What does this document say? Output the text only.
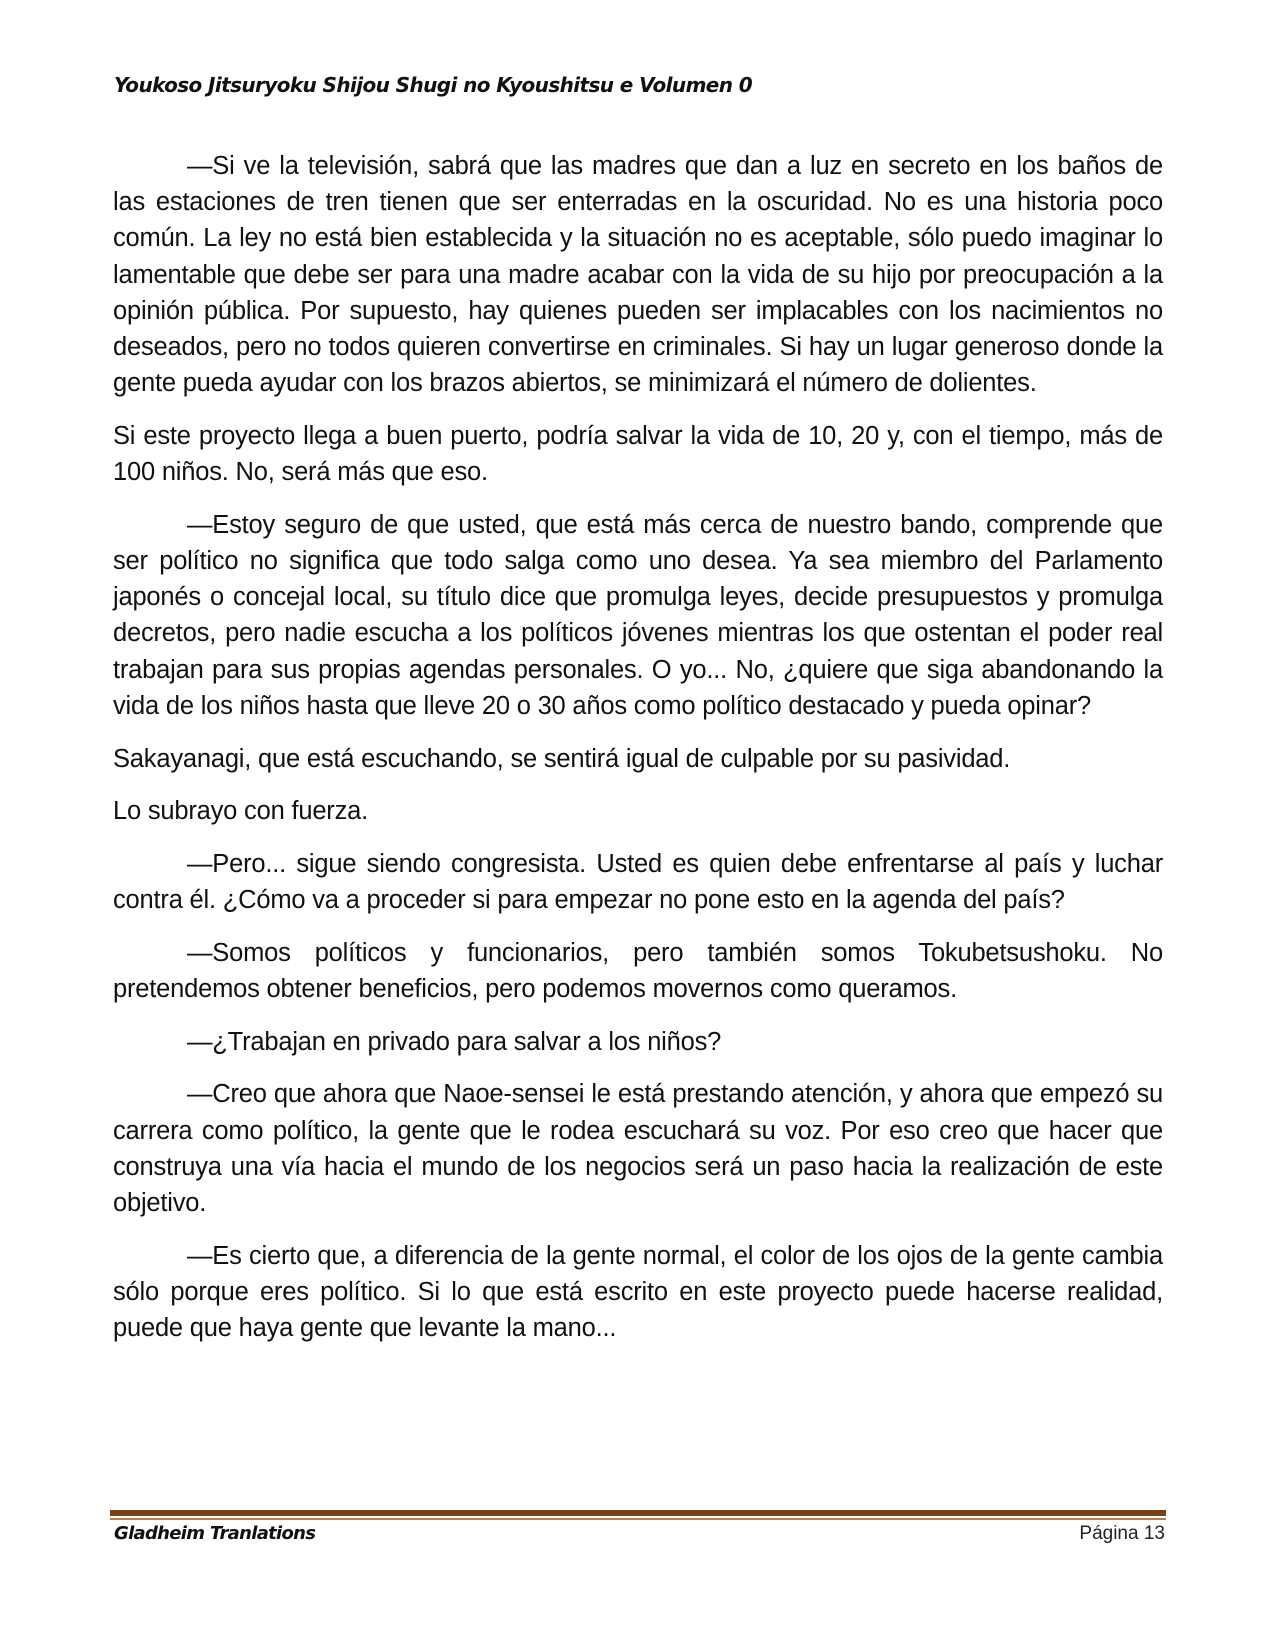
Youkoso Jitsuryoku Shijou Shugi no Kyoushitsu e Volumen 0

—Si ve la televisión, sabrá que las madres que dan a luz en secreto en los baños de las estaciones de tren tienen que ser enterradas en la oscuridad. No es una historia poco común. La ley no está bien establecida y la situación no es aceptable, sólo puedo imaginar lo lamentable que debe ser para una madre acabar con la vida de su hijo por preocupación a la opinión pública. Por supuesto, hay quienes pueden ser implacables con los nacimientos no deseados, pero no todos quieren convertirse en criminales. Si hay un lugar generoso donde la gente pueda ayudar con los brazos abiertos, se minimizará el número de dolientes.

Si este proyecto llega a buen puerto, podría salvar la vida de 10, 20 y, con el tiempo, más de 100 niños. No, será más que eso.

—Estoy seguro de que usted, que está más cerca de nuestro bando, comprende que ser político no significa que todo salga como uno desea. Ya sea miembro del Parlamento japonés o concejal local, su título dice que promulga leyes, decide presupuestos y promulga decretos, pero nadie escucha a los políticos jóvenes mientras los que ostentan el poder real trabajan para sus propias agendas personales. O yo... No, ¿quiere que siga abandonando la vida de los niños hasta que lleve 20 o 30 años como político destacado y pueda opinar?

Sakayanagi, que está escuchando, se sentirá igual de culpable por su pasividad.

Lo subrayo con fuerza.

—Pero... sigue siendo congresista. Usted es quien debe enfrentarse al país y luchar contra él. ¿Cómo va a proceder si para empezar no pone esto en la agenda del país?

—Somos políticos y funcionarios, pero también somos Tokubetsushoku. No pretendemos obtener beneficios, pero podemos movernos como queramos.

—¿Trabajan en privado para salvar a los niños?

—Creo que ahora que Naoe-sensei le está prestando atención, y ahora que empezó su carrera como político, la gente que le rodea escuchará su voz. Por eso creo que hacer que construya una vía hacia el mundo de los negocios será un paso hacia la realización de este objetivo.

—Es cierto que, a diferencia de la gente normal, el color de los ojos de la gente cambia sólo porque eres político. Si lo que está escrito en este proyecto puede hacerse realidad, puede que haya gente que levante la mano...

Gladheim Tranlations	Página 13
